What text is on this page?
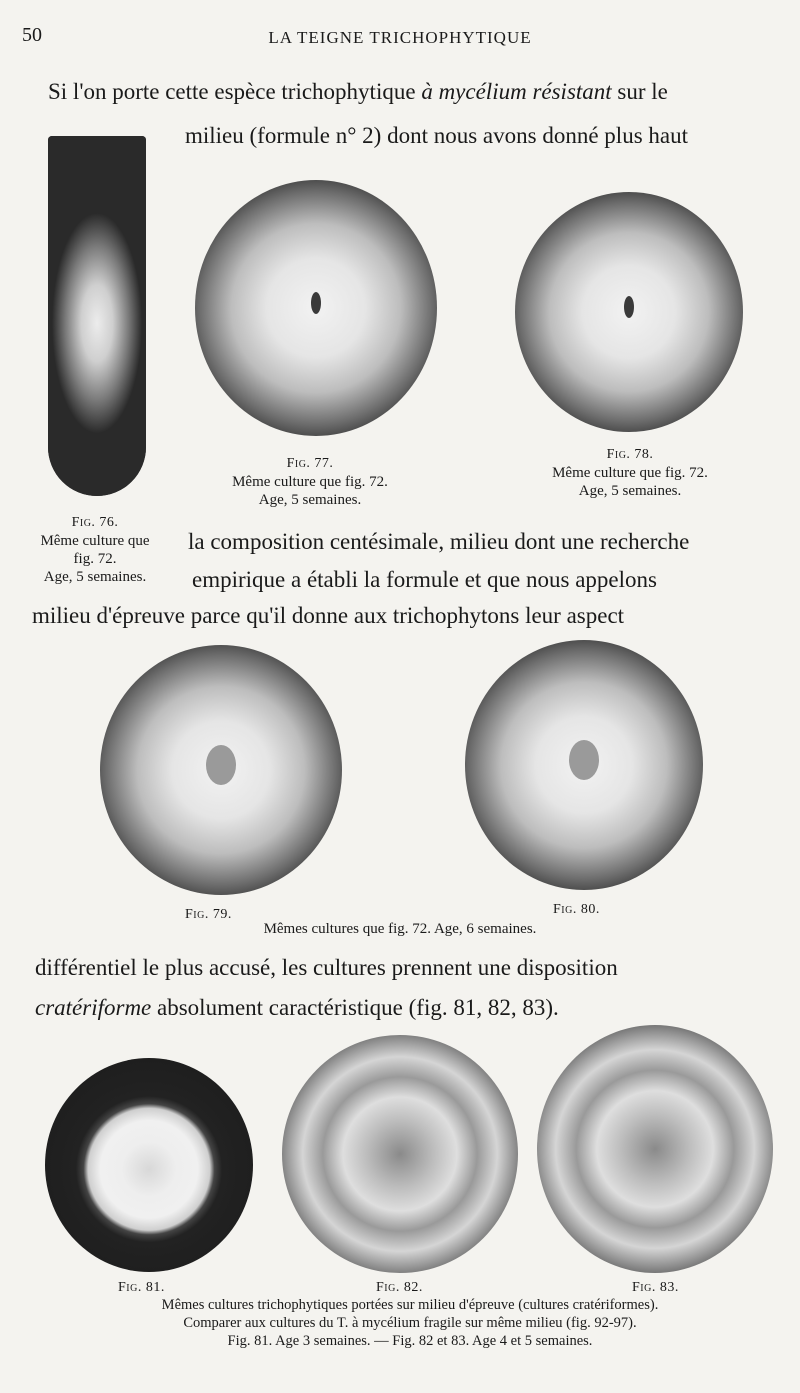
50	LA TEIGNE TRICHOPHYTIQUE
Si l'on porte cette espèce trichophytique à mycélium résistant sur le
milieu (formule n° 2) dont nous avons donné plus haut
Fig. 76.
Même culture que
fig. 72.
Age, 5 semaines.
Fig. 77.
Même culture que fig. 72.
Age, 5 semaines.
Fig. 78.
Même culture que fig. 72.
Age, 5 semaines.
la composition centésimale, milieu dont une recherche
empirique a établi la formule et que nous appelons
milieu d'épreuve parce qu'il donne aux trichophytons leur aspect
Fig. 79.	Fig. 80.
Mêmes cultures que fig. 72. Age, 6 semaines.
différentiel le plus accusé, les cultures prennent une disposition
cratériforme absolument caractéristique (fig. 81, 82, 83).
Fig. 81.	Fig. 82.	Fig. 83.
Mêmes cultures trichophytiques portées sur milieu d'épreuve (cultures cratériformes).
Comparer aux cultures du T. à mycélium fragile sur même milieu (fig. 92-97).
Fig. 81. Age 3 semaines. — Fig. 82 et 83. Age 4 et 5 semaines.
